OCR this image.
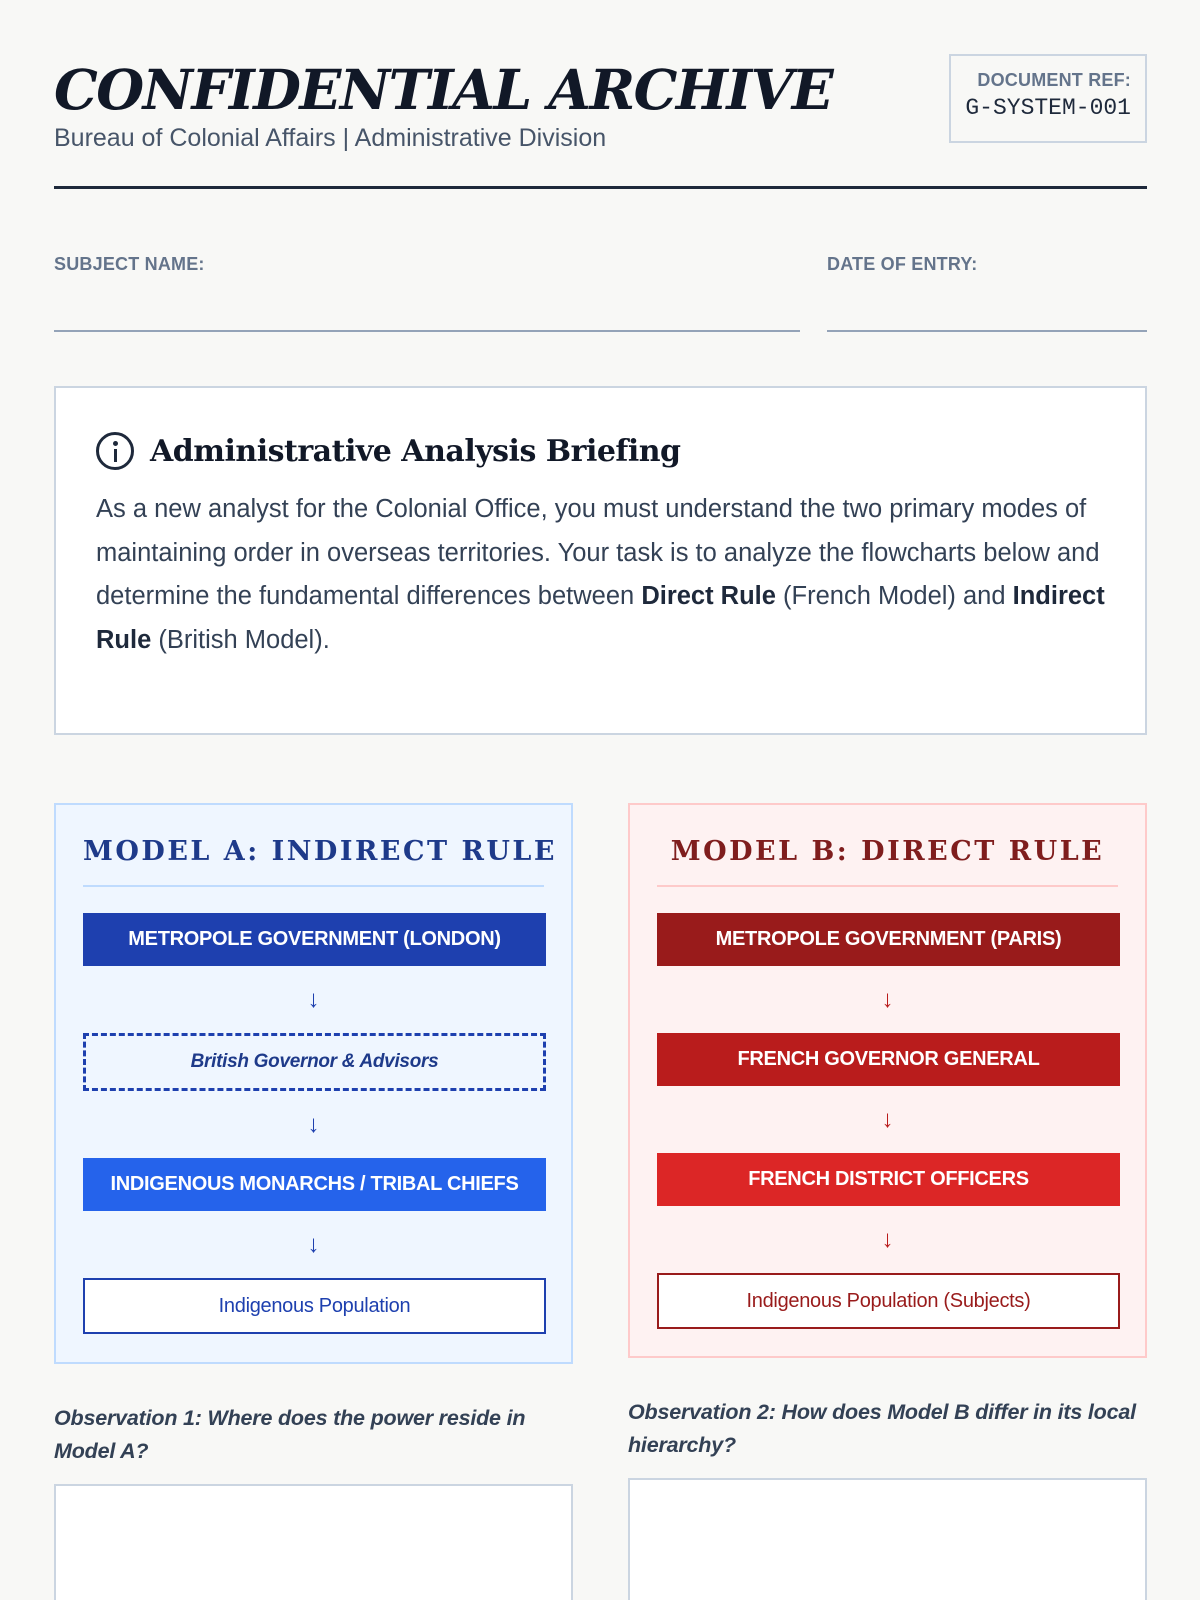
CONFIDENTIAL ARCHIVE
Bureau of Colonial Affairs | Administrative Division
DOCUMENT REF:
G-SYSTEM-001
SUBJECT NAME:	DATE OF ENTRY:
Administrative Analysis Briefing

As a new analyst for the Colonial Office, you must understand the two primary modes of maintaining order in overseas territories. Your task is to analyze the flowcharts below and determine the fundamental differences between Direct Rule (French Model) and Indirect Rule (British Model).

MODEL A: INDIRECT RULE
METROPOLE GOVERNMENT (LONDON)
↓
British Governor & Advisors
↓
INDIGENOUS MONARCHS / TRIBAL CHIEFS
↓
Indigenous Population
MODEL B: DIRECT RULE
METROPOLE GOVERNMENT (PARIS)
↓
FRENCH GOVERNOR GENERAL
↓
FRENCH DISTRICT OFFICERS
↓
Indigenous Population (Subjects)
Observation 1: Where does the power reside in Model A?
Observation 2: How does Model B differ in its local hierarchy?
